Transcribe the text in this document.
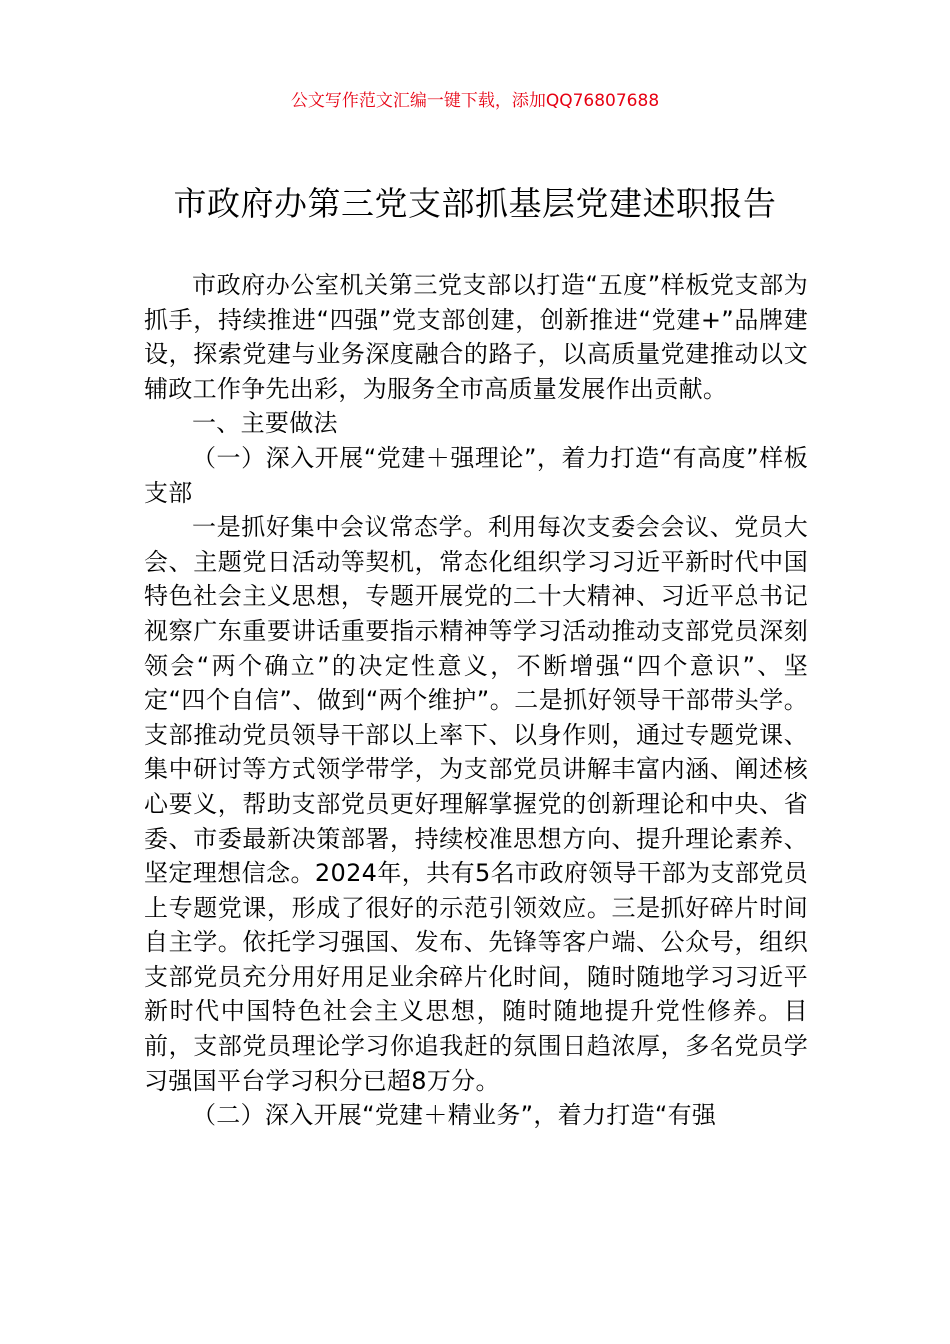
公文写作范文汇编一键下载，添加QQ76807688
市政府办第三党支部抓基层党建述职报告

市政府办公室机关第三党支部以打造“五度”样板党支部为抓手，持续推进“四强”党支部创建，创新推进“党建+”品牌建设，探索党建与业务深度融合的路子，以高质量党建推动以文辅政工作争先出彩，为服务全市高质量发展作出贡献。

一、主要做法

（一）深入开展“党建＋强理论”，着力打造“有高度”样板支部

一是抓好集中会议常态学。利用每次支委会会议、党员大会、主题党日活动等契机，常态化组织学习习近平新时代中国特色社会主义思想，专题开展党的二十大精神、习近平总书记视察广东重要讲话重要指示精神等学习活动推动支部党员深刻领会“两个确立”的决定性意义，不断增强“四个意识”、坚定“四个自信”、做到“两个维护”。二是抓好领导干部带头学。支部推动党员领导干部以上率下、以身作则，通过专题党课、集中研讨等方式领学带学，为支部党员讲解丰富内涵、阐述核心要义，帮助支部党员更好理解掌握党的创新理论和中央、省委、市委最新决策部署，持续校准思想方向、提升理论素养、坚定理想信念。2024年，共有5名市政府领导干部为支部党员上专题党课，形成了很好的示范引领效应。三是抓好碎片时间自主学。依托学习强国、发布、先锋等客户端、公众号，组织支部党员充分用好用足业余碎片化时间，随时随地学习习近平新时代中国特色社会主义思想，随时随地提升党性修养。目前，支部党员理论学习你追我赶的氛围日趋浓厚，多名党员学习强国平台学习积分已超8万分。

（二）深入开展“党建＋精业务”，着力打造“有强
